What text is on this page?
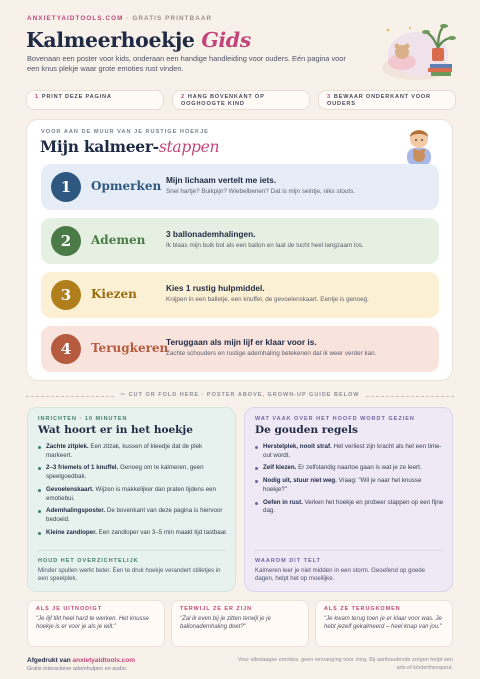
ANXIETYAIDTOOLS.COM · GRATIS PRINTBAAR
Kalmeerhoekje Gids
Bovenaan een poster voor kids, onderaan een handige handleiding voor ouders. Eén pagina voor een knus plekje waar grote emoties rust vinden.
1 PRINT DEZE PAGINA	2 HANG BOVENKANT OP OOGHOOGTE KIND
3 BEWAAR ONDERKANT VOOR OUDERS
VOOR AAN DE MUUR VAN JE RUSTIGE HOEKJE
Mijn kalmeer-stappen
1	Opmerken Mijn lichaam vertelt me iets.
Snel hartje? Buikpijn? Wiebelbenen? Dat is mijn seintje, niks stouts.
2	Ademen 3 ballonademhalingen.
Ik blaas mijn buik bol als een ballon en laat de lucht heel langzaam los.
3	Kiezen	Kies 1 rustig hulpmiddel.
Knijpen in een balletje, een knuffel, de gevoelenskaart. Eentje is genoeg.
4	Terugkeren
Teruggaan als mijn lijf er klaar voor is.
Zachte schouders en rustige ademhaling betekenen dat ik weer verder kan.
✂ CUT OR FOLD HERE · POSTER ABOVE, GROWN-UP GUIDE BELOW
INRICHTEN · 10 MINUTEN
Wat hoort er in het hoekje
Zachte zitplek. Een zitzak, kussen of kleedje dat de plek markeert.
2–3 friemels of 1 knuffel. Genoeg om te kalmeren, geen speelgoedbak.
Gevoelenskaart. Wijzen is makkelijker dan praten tijdens een emotiebui.
Ademhalingsposter. De bovenkant van deze pagina is hiervoor bedoeld.
Kleine zandloper. Een zandloper van 3–5 min maakt tijd tastbaar.
HOUD HET OVERZICHTELIJK
Minder spullen werkt beter. Een te druk hoekje verandert stilletjes in een speelplek.
WAT VAAK OVER HET HOOFD WORDT GEZIEN
De gouden regels
Herstelplek, nooit straf. Het verliest zijn kracht als het een time-out wordt.
Zelf kiezen. Er zelfstandig naartoe gaan is wat je ze leert.
Nodig uit, stuur niet weg. Vraag: "Wil je naar het knusse hoekje?"
Oefen in rust. Verken het hoekje en probeer stappen op een fijne dag.
WAAROM DIT TELT
Kalmeren leer je niet midden in een storm. Geoefend op goede dagen, helpt het op moeilijke.
ALS JE UITNODIGT
"Je lijf tikt heel hard te werken. Het knusse hoekje is er voor je als je wilt."
TERWIJL ZE ER ZIJN
"Zal ik even bij je zitten terwijl je je ballonademhaling doet?"
ALS ZE TERUGKOMEN
"Je kwam terug toen je er klaar voor was. Je hebt jezelf gekalmeerd – heel knap van jou."
Afgedrukt van anxietyaidtools.com
Gratis interactieve ademhulpen en audio.
Voor alledaagse emoties, geen vervanging voor zorg. Bij aanhoudende zorgen helpt een arts of kindertherapeut.
